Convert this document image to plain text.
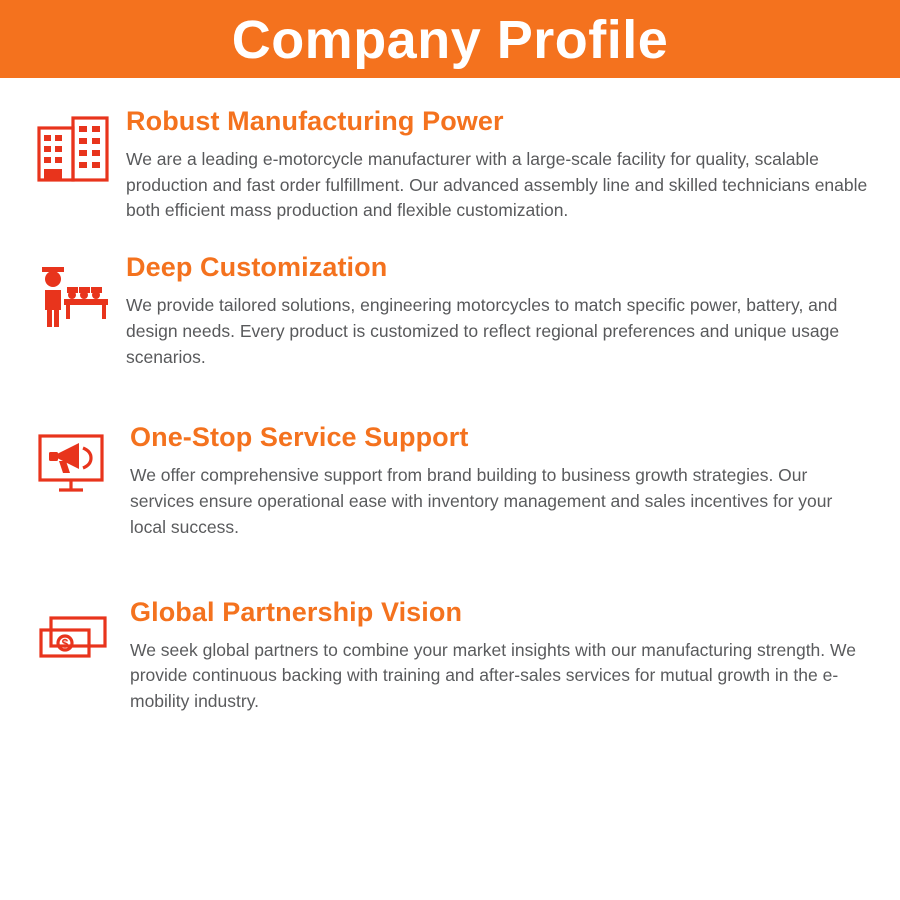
Company Profile
Robust Manufacturing Power

We are a leading e-motorcycle manufacturer with a large-scale facility for quality, scalable production and fast order fulfillment. Our advanced assembly line and skilled technicians enable both efficient mass production and flexible customization.

Deep Customization

We provide tailored solutions, engineering motorcycles to match specific power, battery, and design needs. Every product is customized to reflect regional preferences and unique usage scenarios.

One-Stop Service Support

We offer comprehensive support from brand building to business growth strategies. Our services ensure operational ease with inventory management and sales incentives for your local success.

$
Global Partnership Vision

We seek global partners to combine your market insights with our manufacturing strength. We provide continuous backing with training and after-sales services for mutual growth in the e-mobility industry.
